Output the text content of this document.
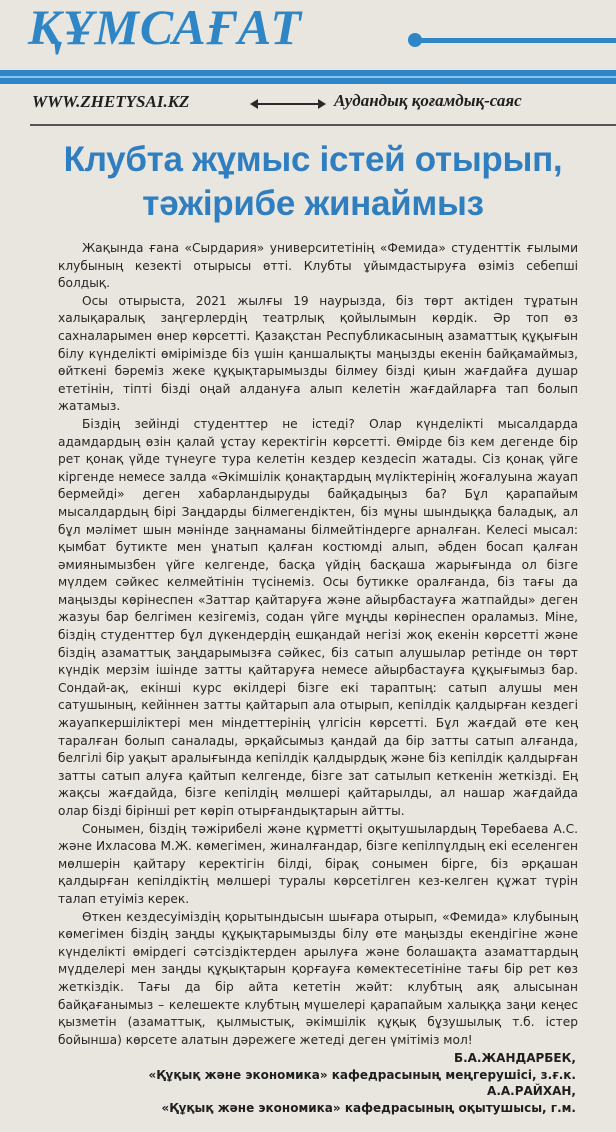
ҚҰМСАҒАТ
WWW.ZHETYSAI.KZ	Аудандық қоғамдық-саяс
Клубта жұмыс істей отырып,
тәжірибе жинаймыз

Жақында ғана «Сырдария» университетінің «Фемида» студенттік ғылыми клубының кезекті отырысы өтті. Клубты ұйымдастыруға өзіміз себепші болдық.

Осы отырыста, 2021 жылғы 19 наурызда, біз төрт актіден тұратын халықаралық заңгерлердің театрлық қойылымын көрдік. Әр топ өз сахналарымен өнер көрсетті. Қазақстан Республикасының азаматтық құқығын білу күнделікті өмірімізде біз үшін қаншалықты маңызды екенін байқамаймыз, өйткені бәреміз жеке құқықтарымызды білмеу бізді қиын жағдайға душар ететінін, тіпті бізді оңай алдануға алып келетін жағдайларға тап болып жатамыз.

Біздің зейінді студенттер не істеді? Олар күнделікті мысалдарда адамдардың өзін қалай ұстау керектігін көрсетті. Өмірде біз кем дегенде бір рет қонақ үйде түнеуге тура келетін кездер кездесіп жатады. Сіз қонақ үйге кіргенде немесе залда «Әкімшілік қонақтардың мүліктерінің жоғалуына жауап бермейді» деген хабарландыруды байқадыңыз ба? Бұл қарапайым мысалдардың бірі Заңдарды білмегендіктен, біз мұны шындыққа баладық, ал бұл мәлімет шын мәнінде заңнаманы білмейтіндерге арналған. Келесі мысал: қымбат бутикте мен ұнатып қалған костюмді алып, әбден босап қалған әмиянымызбен үйге келгенде, басқа үйдің басқаша жарығында ол бізге мүлдем сәйкес келмейтінін түсінеміз. Осы бутикке оралғанда, біз тағы да маңызды көрінеспен «Заттар қайтаруға және айырбастауға жатпайды» деген жазуы бар белгімен кезігеміз, содан үйге мұңды көрінеспен ораламыз. Міне, біздің студенттер бұл дүкендердің ешқандай негізі жоқ екенін көрсетті және біздің азаматтық заңдарымызға сәйкес, біз сатып алушылар ретінде он төрт күндік мерзім ішінде затты қайтаруға немесе айырбастауға құқығымыз бар. Сондай-ақ, екінші курс өкілдері бізге екі тараптың: сатып алушы мен сатушының, кейіннен затты қайтарып ала отырып, кепілдік қалдырған кездегі жауапкершіліктері мен міндеттерінің үлгісін көрсетті. Бұл жағдай өте кең таралған болып саналады, әрқайсымыз қандай да бір затты сатып алғанда, белгілі бір уақыт аралығында кепілдік қалдырдық және біз кепілдік қалдырған затты сатып алуға қайтып келгенде, бізге зат сатылып кеткенін жеткізді. Ең жақсы жағдайда, бізге кепілдің мөлшері қайтарылды, ал нашар жағдайда олар бізді бірінші рет көріп отырғандықтарын айтты.

Сонымен, біздің тәжірибелі және құрметті оқытушылардың Төребаева А.С. және Ихласова М.Ж. көмегімен, жиналғандар, бізге кепілпұлдың екі еселенген мөлшерін қайтару керектігін білді, бірақ сонымен бірге, біз әрқашан қалдырған кепілдіктің мөлшері туралы көрсетілген кез-келген құжат түрін талап етуіміз керек.

Өткен кездесуіміздің қорытындысын шығара отырып, «Фемида» клубының көмегімен біздің заңды құқықтарымызды білу өте маңызды екендігіне және күнделікті өмірдегі сәтсіздіктерден арылуға және болашақта азаматтардың мүдделері мен заңды құқықтарын қорғауға көмектесетініне тағы бір рет көз жеткіздік. Тағы да бір айта кететін жәйт: клубтың аяқ алысынан байқағанымыз – келешекте клубтың мүшелері қарапайым халыққа заңи кеңес қызметін (азаматтық, қылмыстық, әкімшілік құқық бұзушылық т.б. істер бойынша) көрсете алатын дәрежеге жетеді деген үмітіміз мол!

Б.А.ЖАНДАРБЕК,
«Құқық және экономика» кафедрасының меңгерушісі, з.ғ.к.
А.А.РАЙХАН,
«Құқық және экономика» кафедрасының оқытушысы, г.м.
